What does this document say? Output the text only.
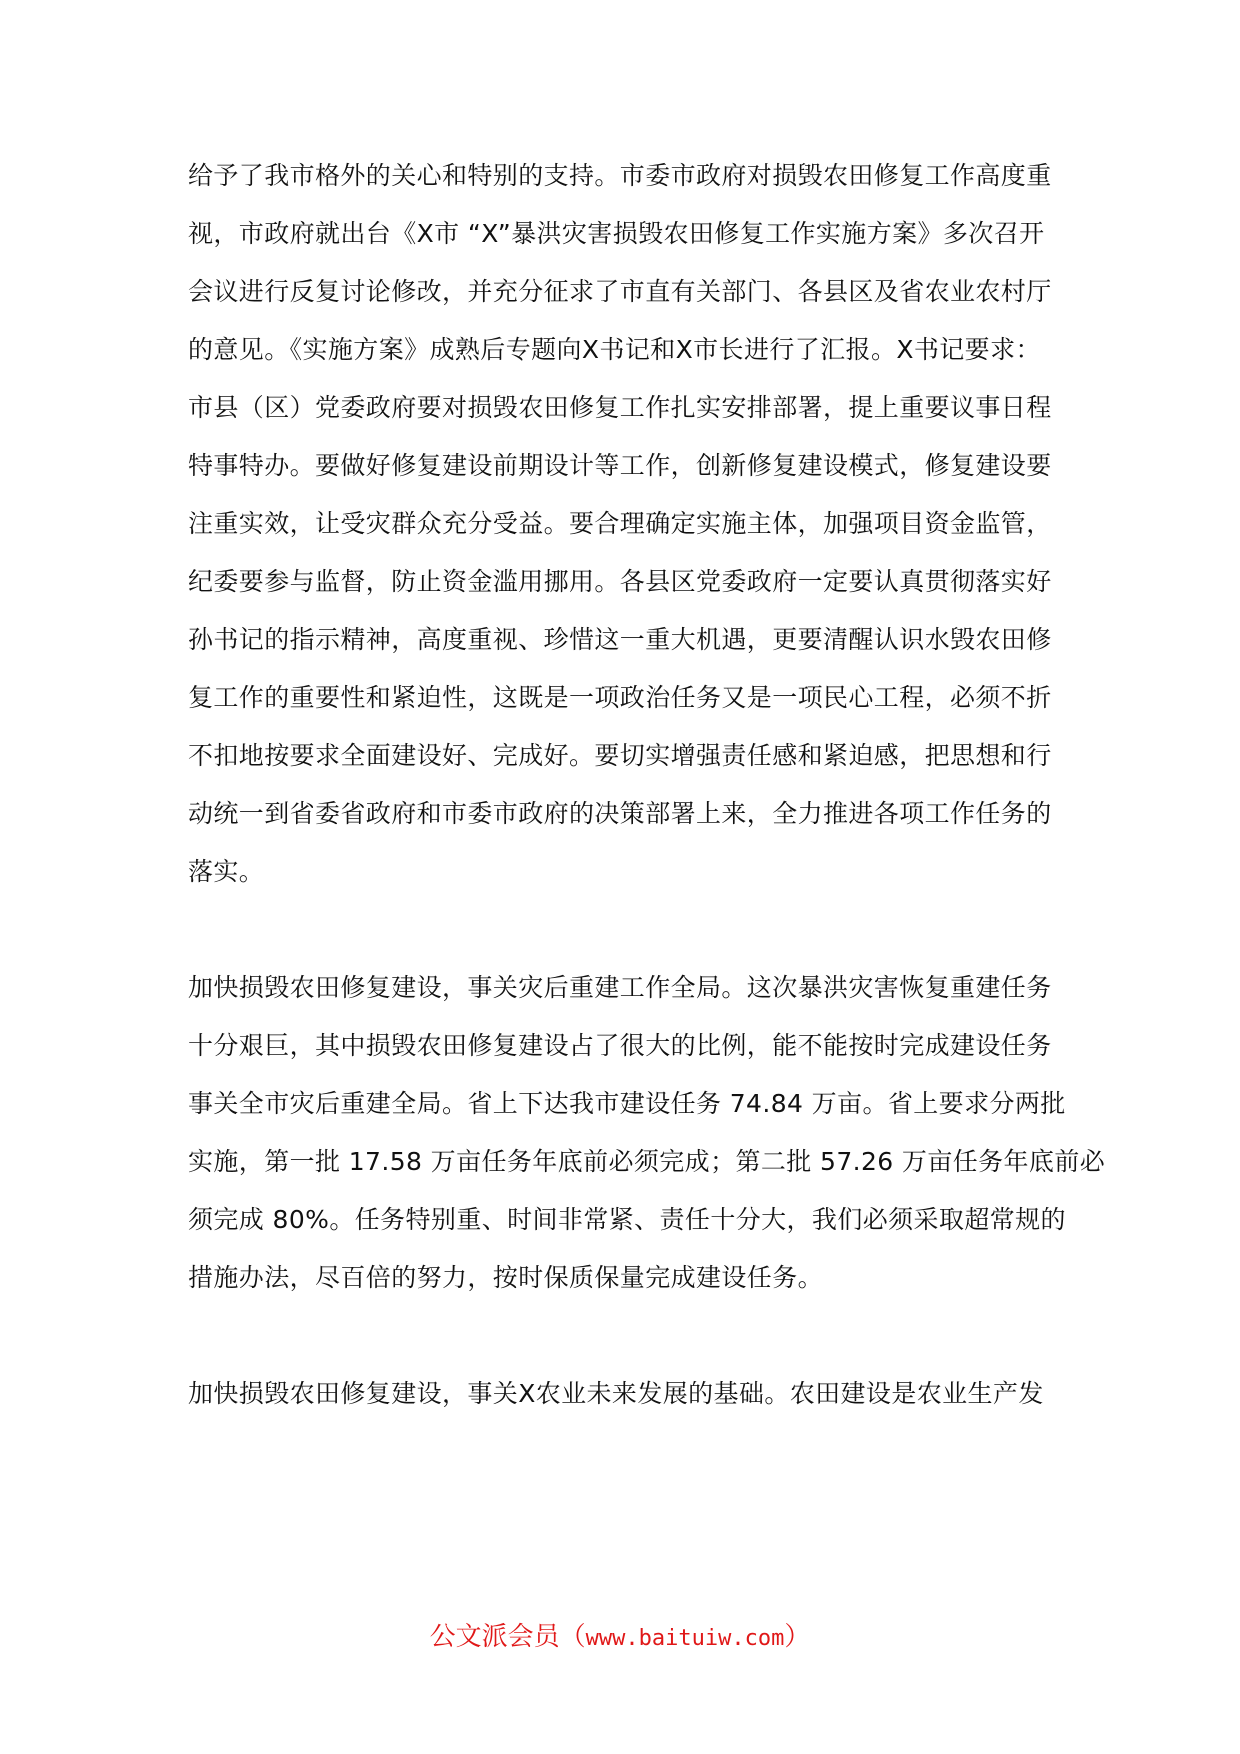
给予了我市格外的关心和特别的支持。市委市政府对损毁农田修复工作高度重
视，市政府就出台《X市 “X”暴洪灾害损毁农田修复工作实施方案》多次召开
会议进行反复讨论修改，并充分征求了市直有关部门、各县区及省农业农村厅
的意见。《实施方案》成熟后专题向X书记和X市长进行了汇报。X书记要求：
市县（区）党委政府要对损毁农田修复工作扎实安排部署，提上重要议事日程
特事特办。要做好修复建设前期设计等工作，创新修复建设模式，修复建设要
注重实效，让受灾群众充分受益。要合理确定实施主体，加强项目资金监管，
纪委要参与监督，防止资金滥用挪用。各县区党委政府一定要认真贯彻落实好
孙书记的指示精神，高度重视、珍惜这一重大机遇，更要清醒认识水毁农田修
复工作的重要性和紧迫性，这既是一项政治任务又是一项民心工程，必须不折
不扣地按要求全面建设好、完成好。要切实增强责任感和紧迫感，把思想和行
动统一到省委省政府和市委市政府的决策部署上来，全力推进各项工作任务的
落实。
加快损毁农田修复建设，事关灾后重建工作全局。这次暴洪灾害恢复重建任务
十分艰巨，其中损毁农田修复建设占了很大的比例，能不能按时完成建设任务
事关全市灾后重建全局。省上下达我市建设任务 74.84 万亩。省上要求分两批
实施，第一批 17.58 万亩任务年底前必须完成；第二批 57.26 万亩任务年底前必
须完成 80%。任务特别重、时间非常紧、责任十分大，我们必须采取超常规的
措施办法，尽百倍的努力，按时保质保量完成建设任务。
加快损毁农田修复建设，事关X农业未来发展的基础。农田建设是农业生产发
公文派会员（www.baituiw.com）
